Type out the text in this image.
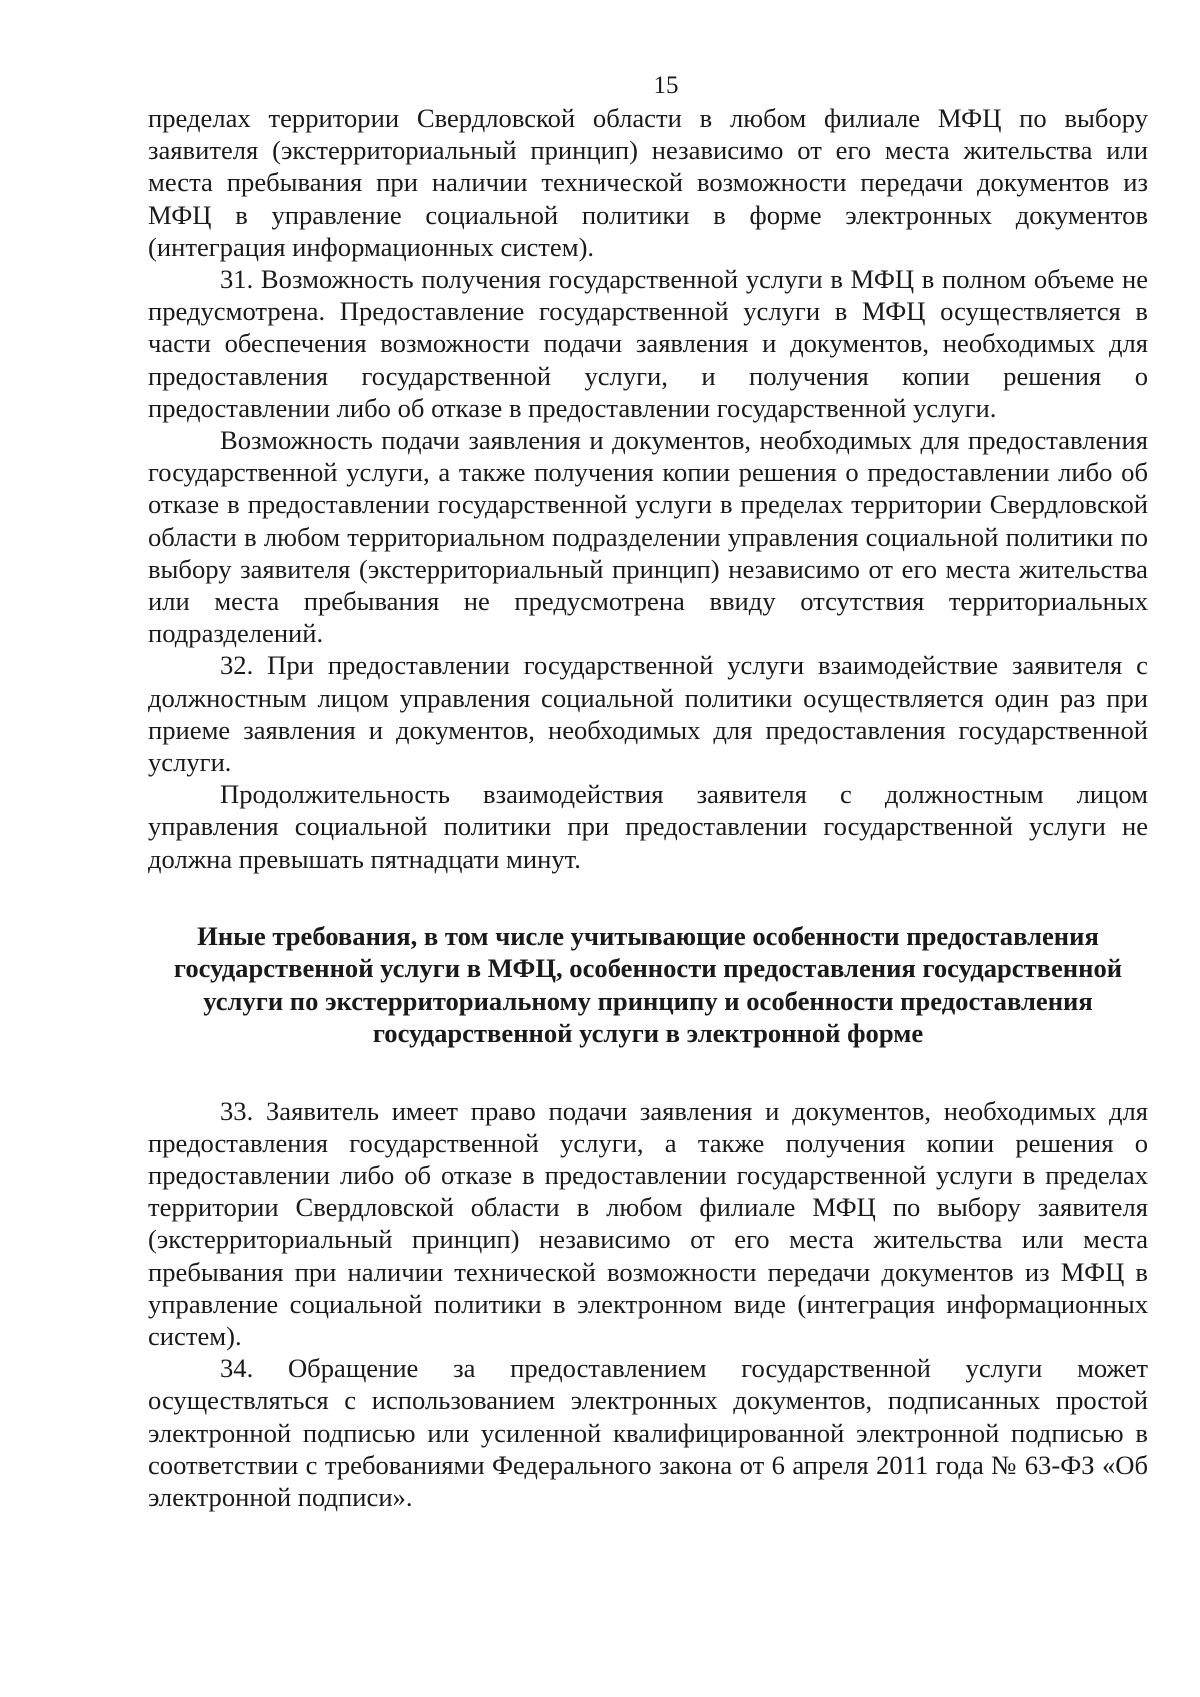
15

пределах территории Свердловской области в любом филиале МФЦ по выбору заявителя (экстерриториальный принцип) независимо от его места жительства или места пребывания при наличии технической возможности передачи документов из МФЦ в управление социальной политики в форме электронных документов (интеграция информационных систем).

31. Возможность получения государственной услуги в МФЦ в полном объеме не предусмотрена. Предоставление государственной услуги в МФЦ осуществляется в части обеспечения возможности подачи заявления и документов, необходимых для предоставления государственной услуги, и получения копии решения о предоставлении либо об отказе в предоставлении государственной услуги.

Возможность подачи заявления и документов, необходимых для предоставления государственной услуги, а также получения копии решения о предоставлении либо об отказе в предоставлении государственной услуги в пределах территории Свердловской области в любом территориальном подразделении управления социальной политики по выбору заявителя (экстерриториальный принцип) независимо от его места жительства или места пребывания не предусмотрена ввиду отсутствия территориальных подразделений.

32. При предоставлении государственной услуги взаимодействие заявителя с должностным лицом управления социальной политики осуществляется один раз при приеме заявления и документов, необходимых для предоставления государственной услуги.

Продолжительность взаимодействия заявителя с должностным лицом управления социальной политики при предоставлении государственной услуги не должна превышать пятнадцати минут.

Иные требования, в том числе учитывающие особенности предоставления государственной услуги в МФЦ, особенности предоставления государственной услуги по экстерриториальному принципу и особенности предоставления государственной услуги в электронной форме

33. Заявитель имеет право подачи заявления и документов, необходимых для предоставления государственной услуги, а также получения копии решения о предоставлении либо об отказе в предоставлении государственной услуги в пределах территории Свердловской области в любом филиале МФЦ по выбору заявителя (экстерриториальный принцип) независимо от его места жительства или места пребывания при наличии технической возможности передачи документов из МФЦ в управление социальной политики в электронном виде (интеграция информационных систем).

34. Обращение за предоставлением государственной услуги может осуществляться с использованием электронных документов, подписанных простой электронной подписью или усиленной квалифицированной электронной подписью в соответствии с требованиями Федерального закона от 6 апреля 2011 года № 63-ФЗ «Об электронной подписи».
